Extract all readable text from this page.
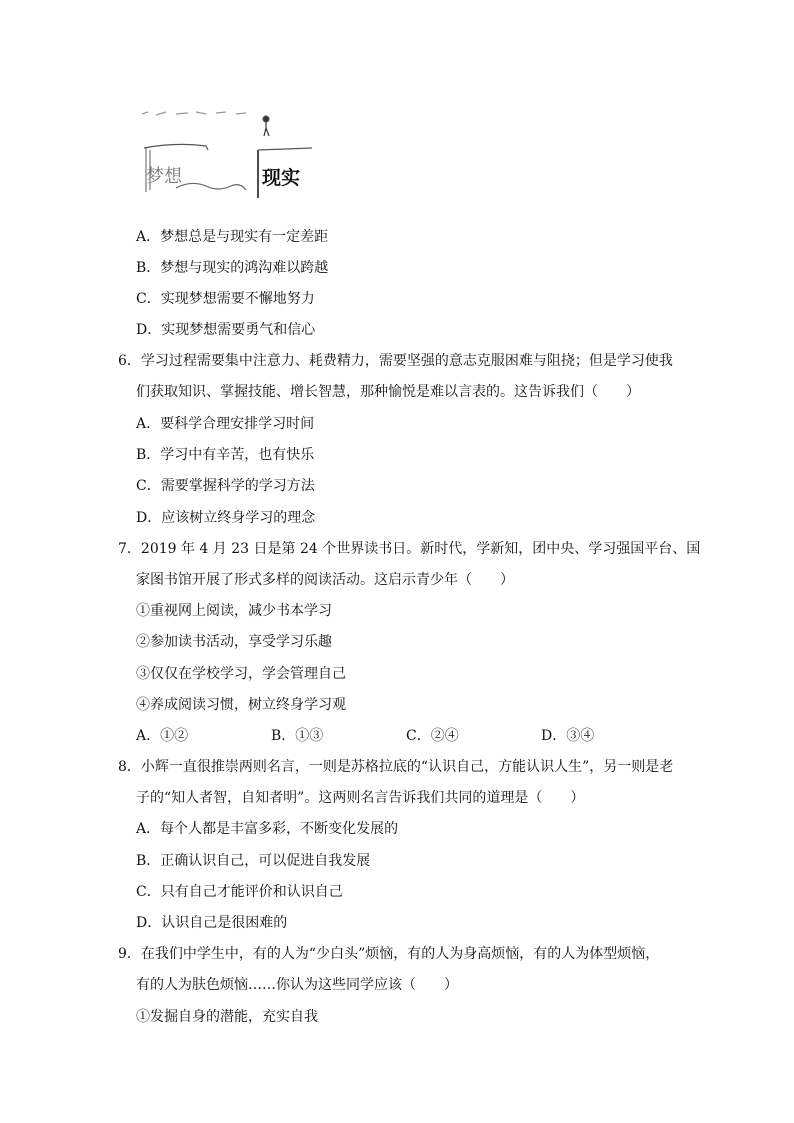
梦想	现实
A．梦想总是与现实有一定差距
B．梦想与现实的鸿沟难以跨越
C．实现梦想需要不懈地努力
D．实现梦想需要勇气和信心
6．学习过程需要集中注意力、耗费精力，需要坚强的意志克服困难与阻挠；但是学习使我
们获取知识、掌握技能、增长智慧，那种愉悦是难以言表的。这告诉我们（　　）
A．要科学合理安排学习时间
B．学习中有辛苦，也有快乐
C．需要掌握科学的学习方法
D．应该树立终身学习的理念
7．2019 年 4 月 23 日是第 24 个世界读书日。新时代，学新知，团中央、学习强国平台、国
家图书馆开展了形式多样的阅读活动。这启示青少年（　　）
①重视网上阅读，减少书本学习
②参加读书活动，享受学习乐趣
③仅仅在学校学习，学会管理自己
④养成阅读习惯，树立终身学习观
A．①②	B．①③	C．②④	D．③④
8．小辉一直很推崇两则名言，一则是苏格拉底的“认识自己，方能认识人生”，另一则是老
子的“知人者智，自知者明”。这两则名言告诉我们共同的道理是（　　）
A．每个人都是丰富多彩，不断变化发展的
B．正确认识自己，可以促进自我发展
C．只有自己才能评价和认识自己
D．认识自己是很困难的
9．在我们中学生中，有的人为“少白头”烦恼，有的人为身高烦恼，有的人为体型烦恼，
有的人为肤色烦恼……你认为这些同学应该（　　）
①发掘自身的潜能，充实自我
